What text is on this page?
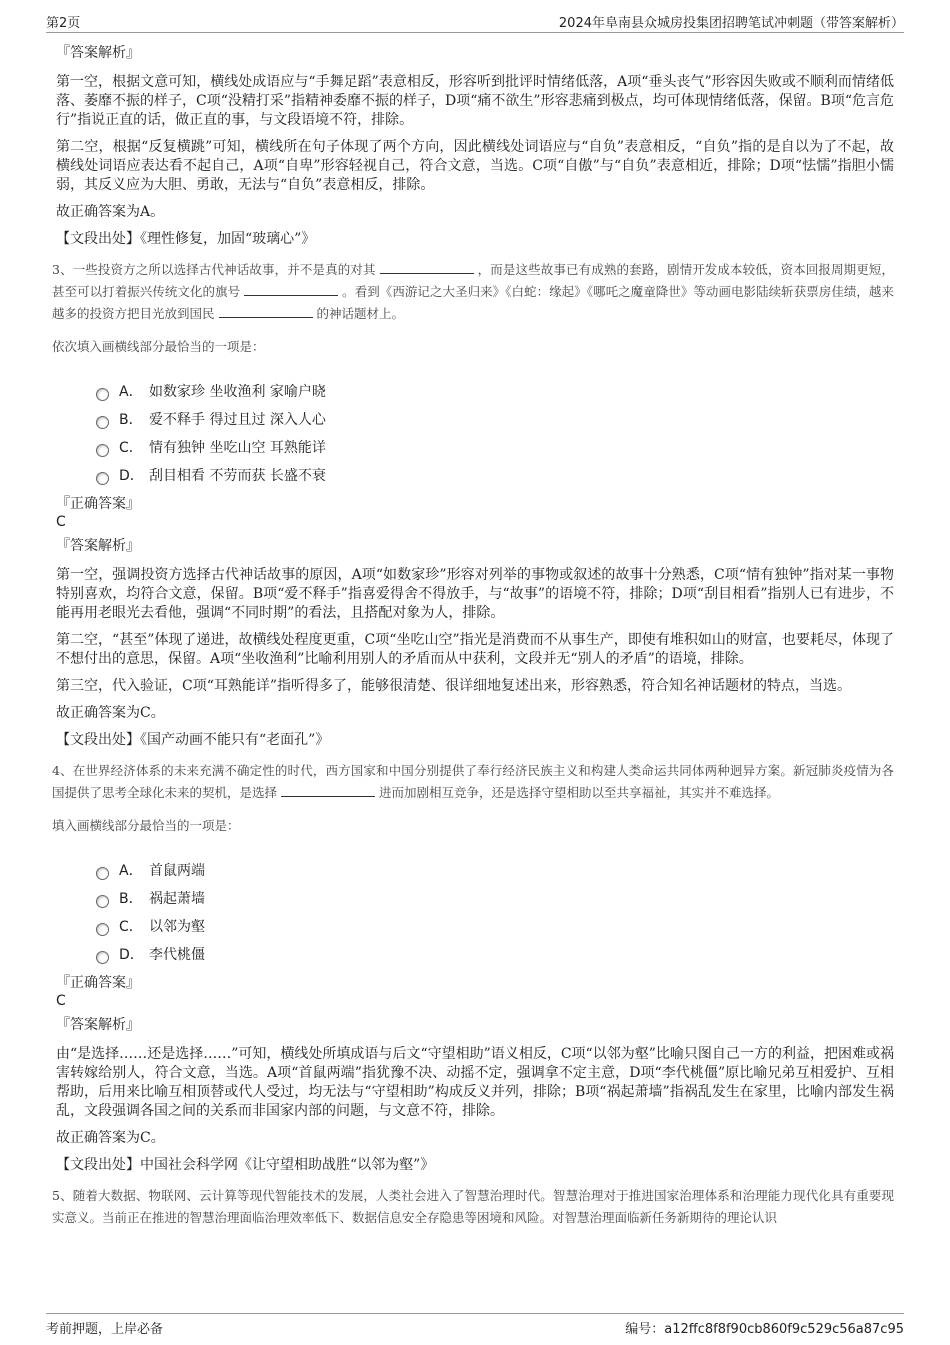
第2页	2024年阜南县众城房投集团招聘笔试冲刺题（带答案解析）

『答案解析』

第一空，根据文意可知，横线处成语应与“手舞足蹈”表意相反，形容听到批评时情绪低落，A项“垂头丧气”形容因失败或不顺利而情绪低落、萎靡不振的样子，C项“没精打采”指精神委靡不振的样子，D项“痛不欲生”形容悲痛到极点，均可体现情绪低落，保留。B项“危言危行”指说正直的话，做正直的事，与文段语境不符，排除。

第二空，根据“反复横跳”可知，横线所在句子体现了两个方向，因此横线处词语应与“自负”表意相反，“自负”指的是自以为了不起，故横线处词语应表达看不起自己，A项“自卑”形容轻视自己，符合文意，当选。C项“自傲”与“自负”表意相近，排除；D项“怯懦”指胆小懦弱，其反义应为大胆、勇敢，无法与“自负”表意相反，排除。

故正确答案为A。

【文段出处】《理性修复，加固“玻璃心”》

3、一些投资方之所以选择古代神话故事，并不是真的对其	，而是这些故事已有成熟的套路，剧情开发成本较低，资本回报周期更短，甚至可以打着振兴传统文化的旗号	。看到《西游记之大圣归来》《白蛇：缘起》《哪吒之魔童降世》等动画电影陆续斩获票房佳绩，越来越多的投资方把目光放到国民	的神话题材上。

依次填入画横线部分最恰当的一项是：

A． 如数家珍 坐收渔利 家喻户晓
B． 爱不释手 得过且过 深入人心
C． 情有独钟 坐吃山空 耳熟能详
D． 刮目相看 不劳而获 长盛不衰

『正确答案』

C

『答案解析』

第一空，强调投资方选择古代神话故事的原因，A项“如数家珍”形容对列举的事物或叙述的故事十分熟悉，C项“情有独钟”指对某一事物特别喜欢，均符合文意，保留。B项“爱不释手”指喜爱得舍不得放手，与“故事”的语境不符，排除；D项“刮目相看”指别人已有进步，不能再用老眼光去看他，强调“不同时期”的看法，且搭配对象为人，排除。

第二空，“甚至”体现了递进，故横线处程度更重，C项“坐吃山空”指光是消费而不从事生产，即使有堆积如山的财富，也要耗尽，体现了不想付出的意思，保留。A项“坐收渔利”比喻利用别人的矛盾而从中获利，文段并无“别人的矛盾”的语境，排除。

第三空，代入验证，C项“耳熟能详”指听得多了，能够很清楚、很详细地复述出来，形容熟悉，符合知名神话题材的特点，当选。

故正确答案为C。

【文段出处】《国产动画不能只有“老面孔”》

4、在世界经济体系的未来充满不确定性的时代，西方国家和中国分别提供了奉行经济民族主义和构建人类命运共同体两种迥异方案。新冠肺炎疫情为各国提供了思考全球化未来的契机，是选择	进而加剧相互竞争，还是选择守望相助以至共享福祉，其实并不难选择。

填入画横线部分最恰当的一项是：

A． 首鼠两端
B． 祸起萧墙
C． 以邻为壑
D． 李代桃僵

『正确答案』

C

『答案解析』

由“是选择……还是选择……”可知，横线处所填成语与后文“守望相助”语义相反，C项“以邻为壑”比喻只图自己一方的利益，把困难或祸害转嫁给别人，符合文意，当选。A项“首鼠两端”指犹豫不决、动摇不定，强调拿不定主意，D项“李代桃僵”原比喻兄弟互相爱护、互相帮助，后用来比喻互相顶替或代人受过，均无法与“守望相助”构成反义并列，排除；B项“祸起萧墙”指祸乱发生在家里，比喻内部发生祸乱，文段强调各国之间的关系而非国家内部的问题，与文意不符，排除。

故正确答案为C。

【文段出处】中国社会科学网《让守望相助战胜“以邻为壑”》

5、随着大数据、物联网、云计算等现代智能技术的发展，人类社会进入了智慧治理时代。智慧治理对于推进国家治理体系和治理能力现代化具有重要现实意义。当前正在推进的智慧治理面临治理效率低下、数据信息安全存隐患等困境和风险。对智慧治理面临新任务新期待的理论认识

考前押题，上岸必备	编号：a12ffc8f8f90cb860f9c529c56a87c95
